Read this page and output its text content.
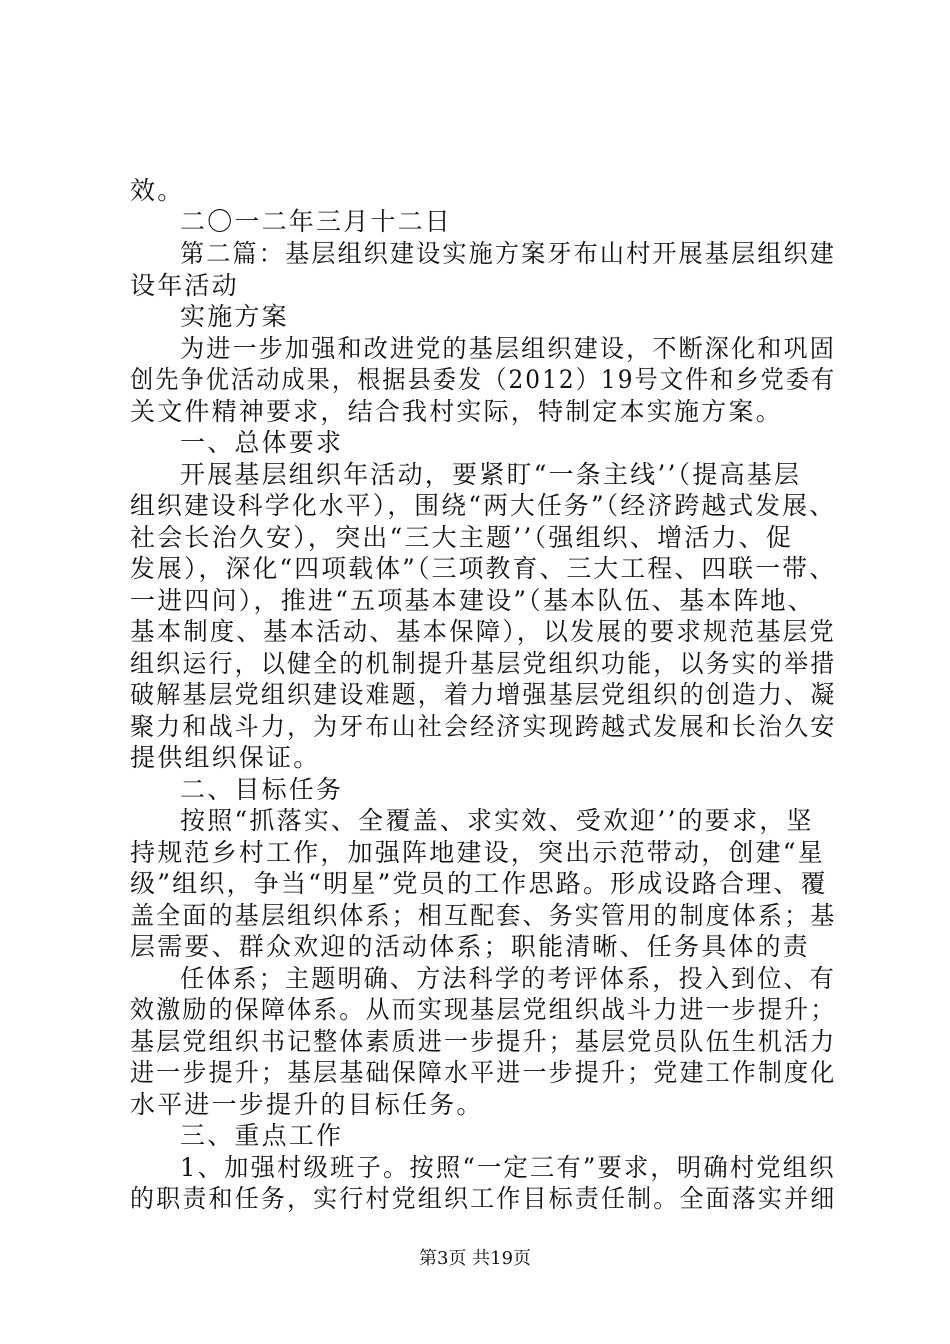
效。
二〇一二年三月十二日
第二篇：基层组织建设实施方案牙布山村开展基层组织建
设年活动
实施方案
为进一步加强和改进党的基层组织建设，不断深化和巩固
创先争优活动成果，根据县委发（2012）19号文件和乡党委有
关文件精神要求，结合我村实际，特制定本实施方案。
一、总体要求
开展基层组织年活动，要紧盯“一条主线’’（提高基层
组织建设科学化水平），围绕“两大任务”（经济跨越式发展、
社会长治久安），突出“三大主题’’（强组织、增活力、促
发展），深化“四项载体”（三项教育、三大工程、四联一带、
一进四问），推进“五项基本建设”（基本队伍、基本阵地、
基本制度、基本活动、基本保障），以发展的要求规范基层党
组织运行，以健全的机制提升基层党组织功能，以务实的举措
破解基层党组织建设难题，着力增强基层党组织的创造力、凝
聚力和战斗力，为牙布山社会经济实现跨越式发展和长治久安
提供组织保证。
二、目标任务
按照“抓落实、全覆盖、求实效、受欢迎’’的要求，坚
持规范乡村工作，加强阵地建设，突出示范带动，创建“星
级”组织，争当“明星”党员的工作思路。形成设路合理、覆
盖全面的基层组织体系；相互配套、务实管用的制度体系；基
层需要、群众欢迎的活动体系；职能清晰、任务具体的责
任体系；主题明确、方法科学的考评体系，投入到位、有
效激励的保障体系。从而实现基层党组织战斗力进一步提升；
基层党组织书记整体素质进一步提升；基层党员队伍生机活力
进一步提升；基层基础保障水平进一步提升；党建工作制度化
水平进一步提升的目标任务。
三、重点工作
1、加强村级班子。按照“一定三有”要求，明确村党组织
的职责和任务，实行村党组织工作目标责任制。全面落实并细
第3页 共19页
